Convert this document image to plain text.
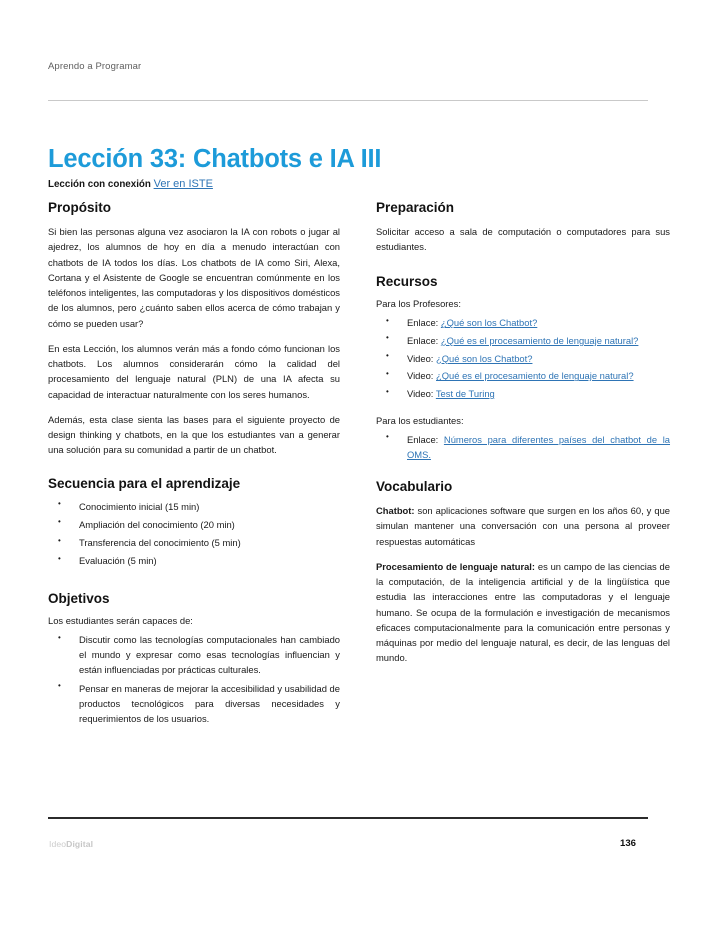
Aprendo a Programar
Lección 33: Chatbots e IA III
Lección con conexión Ver en ISTE
Propósito

Si bien las personas alguna vez asociaron la IA con robots o jugar al ajedrez, los alumnos de hoy en día a menudo interactúan con chatbots de IA todos los días. Los chatbots de IA como Siri, Alexa, Cortana y el Asistente de Google se encuentran comúnmente en los teléfonos inteligentes, las computadoras y los dispositivos domésticos de los alumnos, pero ¿cuánto saben ellos acerca de cómo trabajan y cómo se pueden usar?

En esta Lección, los alumnos verán más a fondo cómo funcionan los chatbots. Los alumnos considerarán cómo la calidad del procesamiento del lenguaje natural (PLN) de una IA afecta su capacidad de interactuar naturalmente con los seres humanos.

Además, esta clase sienta las bases para el siguiente proyecto de design thinking y chatbots, en la que los estudiantes van a generar una solución para su comunidad a partir de un chatbot.

Secuencia para el aprendizaje
• Conocimiento inicial (15 min)
• Ampliación del conocimiento (20 min)
• Transferencia del conocimiento (5 min)
• Evaluación (5 min)
Objetivos

Los estudiantes serán capaces de:

• Discutir como las tecnologías computacionales han cambiado el mundo y expresar como esas tecnologías influencian y están influenciadas por prácticas culturales.
• Pensar en maneras de mejorar la accesibilidad y usabilidad de productos tecnológicos para diversas necesidades y requerimientos de los usuarios.
Preparación

Solicitar acceso a sala de computación o computadores para sus estudiantes.

Recursos

Para los Profesores:

• Enlace: ¿Qué son los Chatbot?
• Enlace: ¿Qué es el procesamiento de lenguaje natural?
• Video: ¿Qué son los Chatbot?
• Video: ¿Qué es el procesamiento de lenguaje natural?
• Video: Test de Turing

Para los estudiantes:

• Enlace: Números para diferentes países del chatbot de la OMS.
Vocabulario

Chatbot: son aplicaciones software que surgen en los años 60, y que simulan mantener una conversación con una persona al proveer respuestas automáticas

Procesamiento de lenguaje natural: es un campo de las ciencias de la computación, de la inteligencia artificial y de la lingüística que estudia las interacciones entre las computadoras y el lenguaje humano. Se ocupa de la formulación e investigación de mecanismos eficaces computacionalmente para la comunicación entre personas y máquinas por medio del lenguaje natural, es decir, de las lenguas del mundo.

IdeoDigital	136
